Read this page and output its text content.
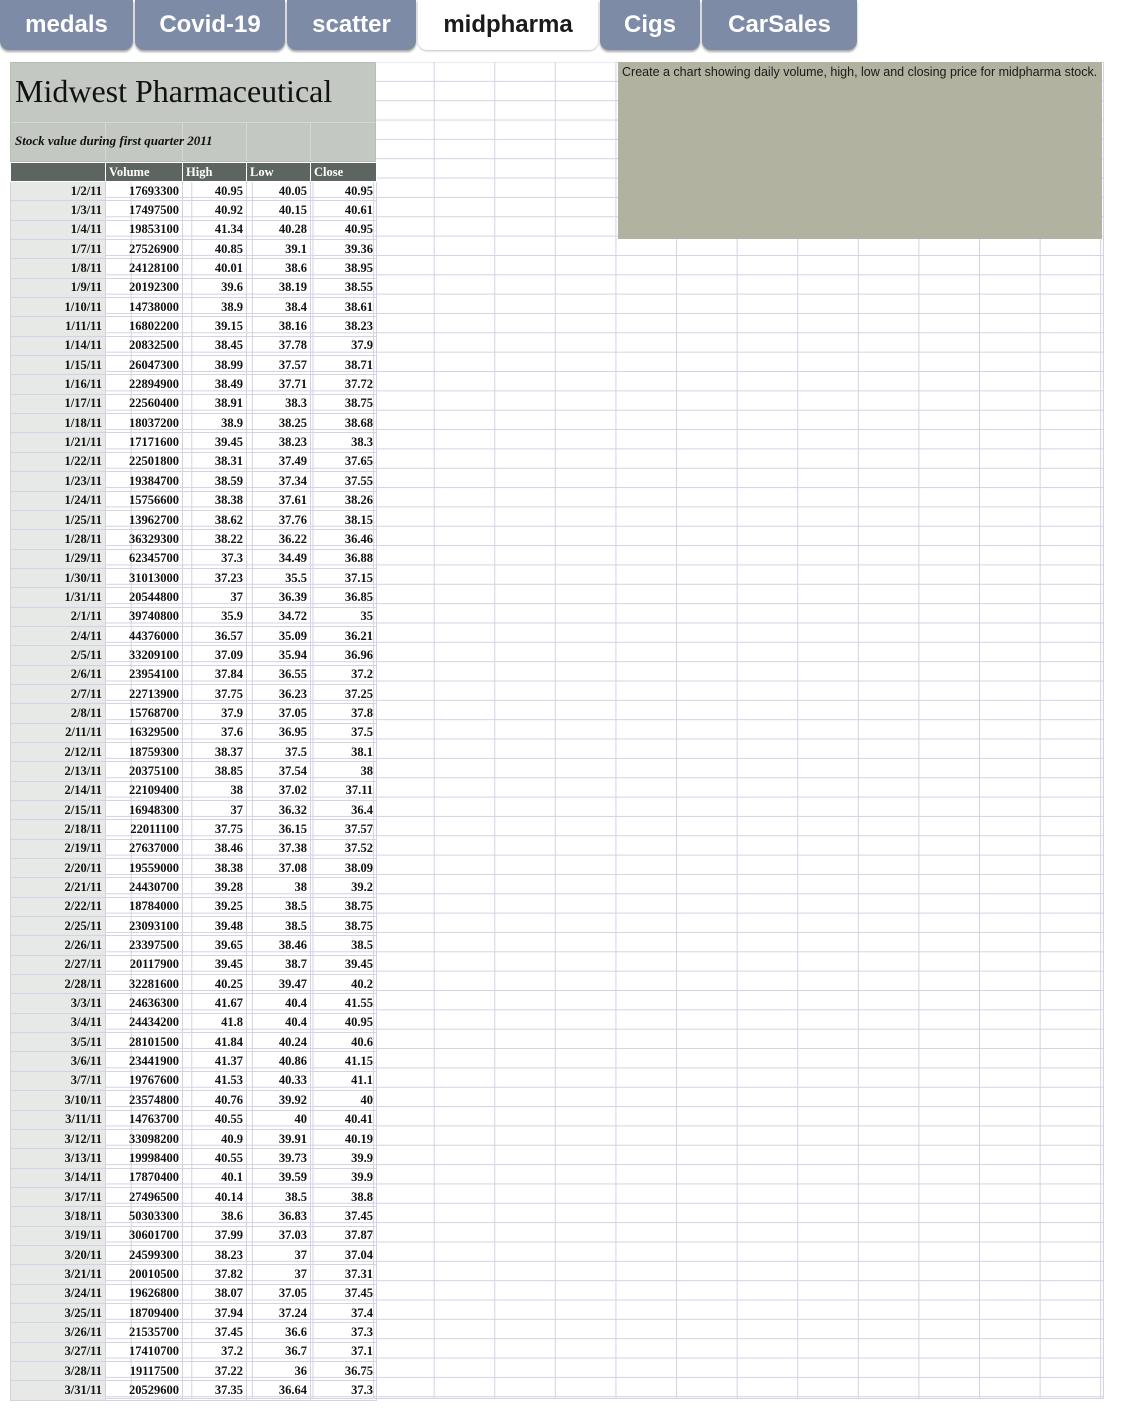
medals	Covid-19	scatter	midpharma	Cigs	CarSales
Midwest Pharmaceutical
Stock value during first quarter 2011
	Volume	High	Low	Close
1/2/11	17693300	40.95	40.05	40.95
1/3/11	17497500	40.92	40.15	40.61
1/4/11	19853100	41.34	40.28	40.95
1/7/11	27526900	40.85	39.1	39.36
1/8/11	24128100	40.01	38.6	38.95
1/9/11	20192300	39.6	38.19	38.55
1/10/11	14738000	38.9	38.4	38.61
1/11/11	16802200	39.15	38.16	38.23
1/14/11	20832500	38.45	37.78	37.9
1/15/11	26047300	38.99	37.57	38.71
1/16/11	22894900	38.49	37.71	37.72
1/17/11	22560400	38.91	38.3	38.75
1/18/11	18037200	38.9	38.25	38.68
1/21/11	17171600	39.45	38.23	38.3
1/22/11	22501800	38.31	37.49	37.65
1/23/11	19384700	38.59	37.34	37.55
1/24/11	15756600	38.38	37.61	38.26
1/25/11	13962700	38.62	37.76	38.15
1/28/11	36329300	38.22	36.22	36.46
1/29/11	62345700	37.3	34.49	36.88
1/30/11	31013000	37.23	35.5	37.15
1/31/11	20544800	37	36.39	36.85
2/1/11	39740800	35.9	34.72	35
2/4/11	44376000	36.57	35.09	36.21
2/5/11	33209100	37.09	35.94	36.96
2/6/11	23954100	37.84	36.55	37.2
2/7/11	22713900	37.75	36.23	37.25
2/8/11	15768700	37.9	37.05	37.8
2/11/11	16329500	37.6	36.95	37.5
2/12/11	18759300	38.37	37.5	38.1
2/13/11	20375100	38.85	37.54	38
2/14/11	22109400	38	37.02	37.11
2/15/11	16948300	37	36.32	36.4
2/18/11	22011100	37.75	36.15	37.57
2/19/11	27637000	38.46	37.38	37.52
2/20/11	19559000	38.38	37.08	38.09
2/21/11	24430700	39.28	38	39.2
2/22/11	18784000	39.25	38.5	38.75
2/25/11	23093100	39.48	38.5	38.75
2/26/11	23397500	39.65	38.46	38.5
2/27/11	20117900	39.45	38.7	39.45
2/28/11	32281600	40.25	39.47	40.2
3/3/11	24636300	41.67	40.4	41.55
3/4/11	24434200	41.8	40.4	40.95
3/5/11	28101500	41.84	40.24	40.6
3/6/11	23441900	41.37	40.86	41.15
3/7/11	19767600	41.53	40.33	41.1
3/10/11	23574800	40.76	39.92	40
3/11/11	14763700	40.55	40	40.41
3/12/11	33098200	40.9	39.91	40.19
3/13/11	19998400	40.55	39.73	39.9
3/14/11	17870400	40.1	39.59	39.9
3/17/11	27496500	40.14	38.5	38.8
3/18/11	50303300	38.6	36.83	37.45
3/19/11	30601700	37.99	37.03	37.87
3/20/11	24599300	38.23	37	37.04
3/21/11	20010500	37.82	37	37.31
3/24/11	19626800	38.07	37.05	37.45
3/25/11	18709400	37.94	37.24	37.4
3/26/11	21535700	37.45	36.6	37.3
3/27/11	17410700	37.2	36.7	37.1
3/28/11	19117500	37.22	36	36.75
3/31/11	20529600	37.35	36.64	37.3
Create a chart showing daily volume, high, low and closing price for midpharma stock.
